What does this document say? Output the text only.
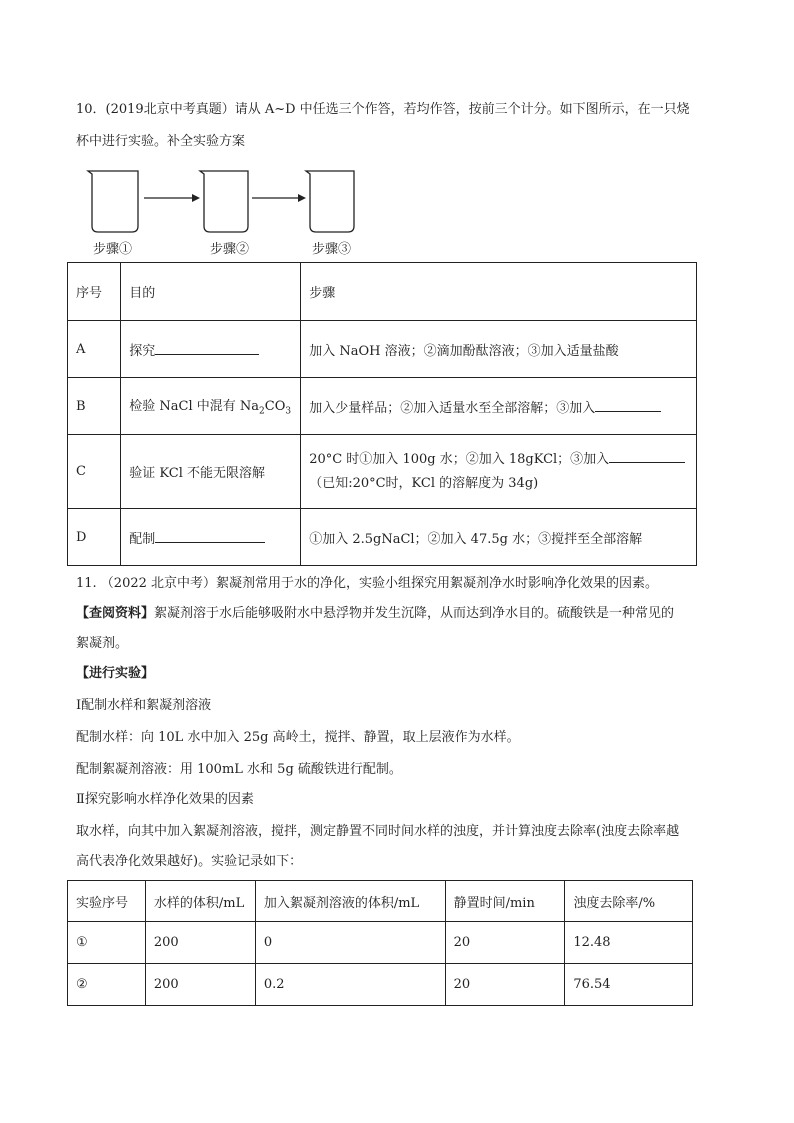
10．(2019北京中考真题）请从 A~D 中任选三个作答，若均作答，按前三个计分。如下图所示，在一只烧
杯中进行实验。补全实验方案
步骤①	步骤②	步骤③
序号	目的	步骤
A	探究	加入 NaOH 溶液；②滴加酚酞溶液；③加入适量盐酸
B	检验 NaCl 中混有 $Na_2CO_3$	加入少量样品；②加入适量水至全部溶解；③加入
C	验证 KCl 不能无限溶解	20°C 时①加入 100g 水；②加入 18gKCl；③加入
（已知:20°C时，KCl 的溶解度为 34g)

D	配制	①加入 2.5gNaCl；②加入 47.5g 水；③搅拌至全部溶解
11. （2022 北京中考）絮凝剂常用于水的净化，实验小组探究用絮凝剂净水时影响净化效果的因素。
【查阅资料】絮凝剂溶于水后能够吸附水中悬浮物并发生沉降，从而达到净水目的。硫酸铁是一种常见的
絮凝剂。
【进行实验】
Ⅰ配制水样和絮凝剂溶液
配制水样：向 10L 水中加入 25g 高岭土，搅拌、静置，取上层液作为水样。
配制絮凝剂溶液：用 100mL 水和 5g 硫酸铁进行配制。
Ⅱ探究影响水样净化效果的因素
取水样，向其中加入絮凝剂溶液，搅拌，测定静置不同时间水样的浊度，并计算浊度去除率(浊度去除率越
高代表净化效果越好)。实验记录如下：
实验序号	水样的体积/mL	加入絮凝剂溶液的体积/mL	静置时间/min	浊度去除率/%
①	200	0	20	12.48
②	200	0.2	20	76.54
